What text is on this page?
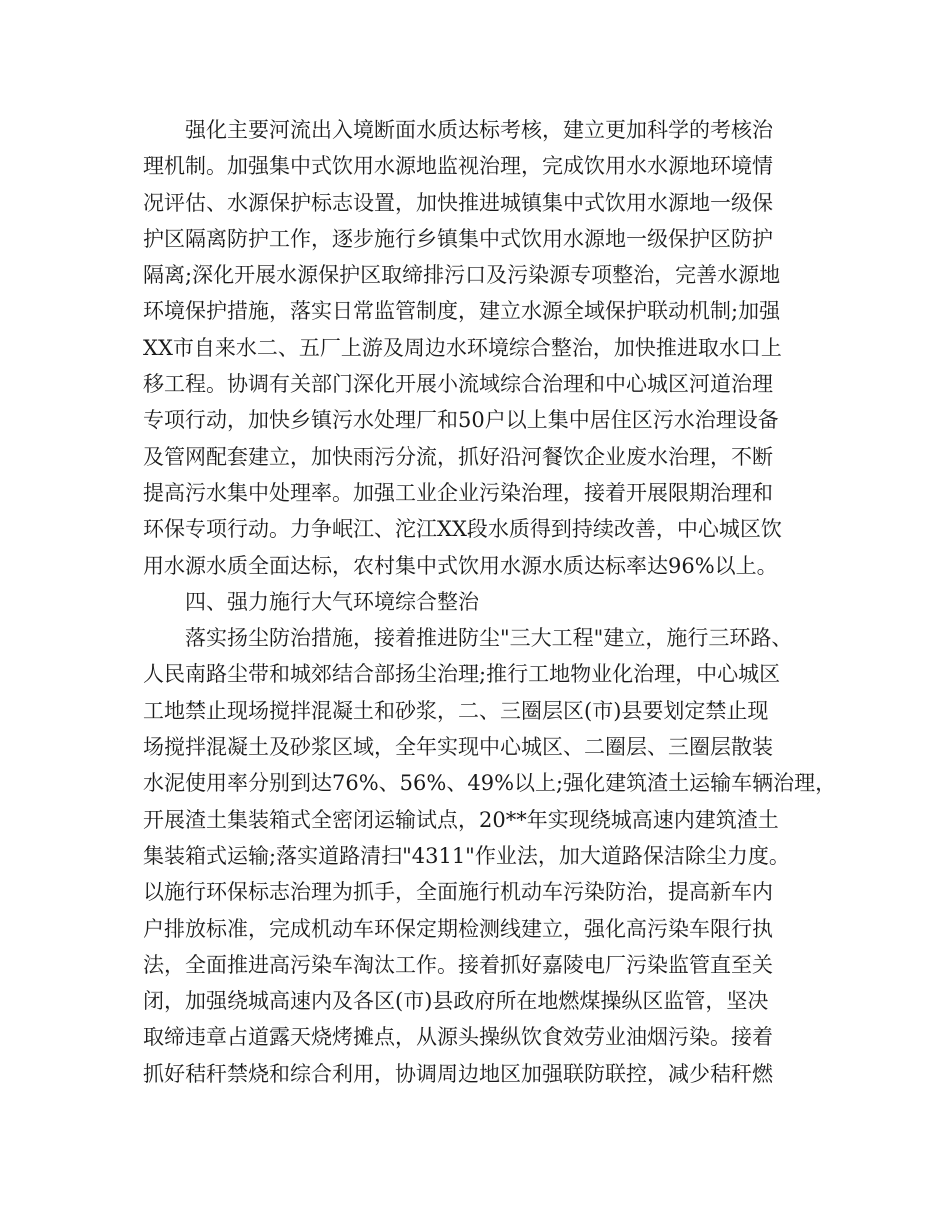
强化主要河流出入境断面水质达标考核，建立更加科学的考核治
理机制。加强集中式饮用水源地监视治理，完成饮用水水源地环境情
况评估、水源保护标志设置，加快推进城镇集中式饮用水源地一级保
护区隔离防护工作，逐步施行乡镇集中式饮用水源地一级保护区防护
隔离;深化开展水源保护区取缔排污口及污染源专项整治，完善水源地
环境保护措施，落实日常监管制度，建立水源全域保护联动机制;加强
XX市自来水二、五厂上游及周边水环境综合整治，加快推进取水口上
移工程。协调有关部门深化开展小流域综合治理和中心城区河道治理
专项行动，加快乡镇污水处理厂和50户以上集中居住区污水治理设备
及管网配套建立，加快雨污分流，抓好沿河餐饮企业废水治理，不断
提高污水集中处理率。加强工业企业污染治理，接着开展限期治理和
环保专项行动。力争岷江、沱江XX段水质得到持续改善，中心城区饮
用水源水质全面达标，农村集中式饮用水源水质达标率达96%以上。
四、强力施行大气环境综合整治
落实扬尘防治措施，接着推进防尘"三大工程"建立，施行三环路、
人民南路尘带和城郊结合部扬尘治理;推行工地物业化治理，中心城区
工地禁止现场搅拌混凝土和砂浆，二、三圈层区(市)县要划定禁止现
场搅拌混凝土及砂浆区域，全年实现中心城区、二圈层、三圈层散装
水泥使用率分别到达76%、56%、49%以上;强化建筑渣土运输车辆治理，
开展渣土集装箱式全密闭运输试点，20**年实现绕城高速内建筑渣土
集装箱式运输;落实道路清扫"4311"作业法，加大道路保洁除尘力度。
以施行环保标志治理为抓手，全面施行机动车污染防治，提高新车内
户排放标准，完成机动车环保定期检测线建立，强化高污染车限行执
法，全面推进高污染车淘汰工作。接着抓好嘉陵电厂污染监管直至关
闭，加强绕城高速内及各区(市)县政府所在地燃煤操纵区监管，坚决
取缔违章占道露天烧烤摊点，从源头操纵饮食效劳业油烟污染。接着
抓好秸秆禁烧和综合利用，协调周边地区加强联防联控，减少秸秆燃
